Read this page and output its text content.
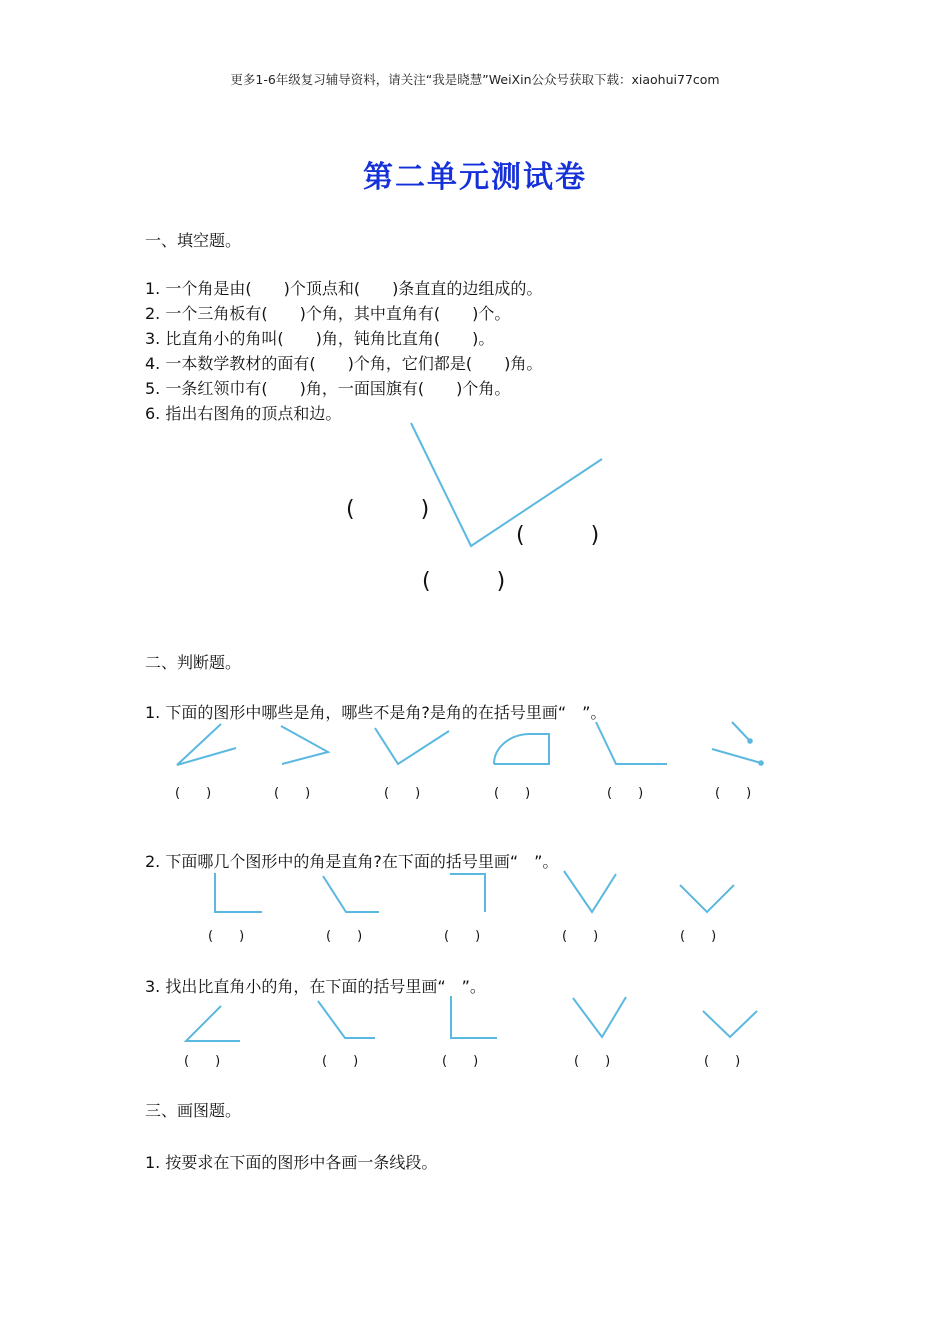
更多1-6年级复习辅导资料，请关注“我是晓慧”WeiXin公众号获取下载：xiaohui77com
第二单元测试卷
一、填空题。
1. 一个角是由(　　)个顶点和(　　)条直直的边组成的。
2. 一个三角板有(　　)个角，其中直角有(　　)个。
3. 比直角小的角叫(　　)角，钝角比直角(　　)。
4. 一本数学教材的面有(　　)个角，它们都是(　　)角。
5. 一条红领巾有(　　)角，一面国旗有(　　)个角。
6. 指出右图角的顶点和边。
(　　　)
(　　　)
(　　　)
二、判断题。
1. 下面的图形中哪些是角，哪些不是角?是角的在括号里画“　”。
(　　)	(　　)	(　　)	(　　)	(　　)	(　　)
2. 下面哪几个图形中的角是直角?在下面的括号里画“　”。
(　　)	(　　)	(　　)	(　　)	(　　)
3. 找出比直角小的角，在下面的括号里画“　”。
(　　)	(　　)	(　　)	(　　)	(　　)
三、画图题。
1. 按要求在下面的图形中各画一条线段。
